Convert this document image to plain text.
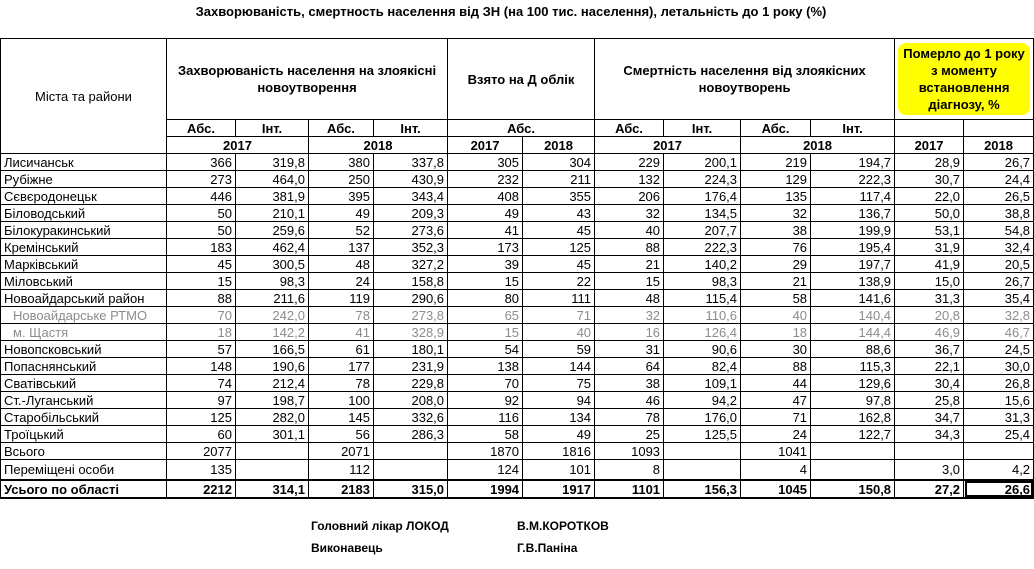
Захворюваність, смертность населення від ЗН (на 100 тис. населення), летальність до 1 року (%)
Міста та райони	Захворюваність населення на злоякісні новоутворення				Взято на Д облік		Смертність населення від злоякісних новоутворень				Померло до 1 року з моменту встановлення діагнозу, %	
	Абс.	Інт.	Абс.	Інт.	Абс.		Абс.	Інт.	Абс.	Інт.		
	2017		2018		2017	2018	2017		2018		2017	2018
Лисичанськ	366	319,8	380	337,8	305	304	229	200,1	219	194,7	28,9	26,7
Рубіжне	273	464,0	250	430,9	232	211	132	224,3	129	222,3	30,7	24,4
Сєвєродонецьк	446	381,9	395	343,4	408	355	206	176,4	135	117,4	22,0	26,5
Біловодський	50	210,1	49	209,3	49	43	32	134,5	32	136,7	50,0	38,8
Білокуракинський	50	259,6	52	273,6	41	45	40	207,7	38	199,9	53,1	54,8
Кремінський	183	462,4	137	352,3	173	125	88	222,3	76	195,4	31,9	32,4
Марківський	45	300,5	48	327,2	39	45	21	140,2	29	197,7	41,9	20,5
Міловський	15	98,3	24	158,8	15	22	15	98,3	21	138,9	15,0	26,7
Новоайдарський район	88	211,6	119	290,6	80	111	48	115,4	58	141,6	31,3	35,4
Новоайдарське РТМО	70	242,0	78	273,8	65	71	32	110,6	40	140,4	20,8	32,8
м. Щастя	18	142,2	41	328,9	15	40	16	126,4	18	144,4	46,9	46,7
Новопсковський	57	166,5	61	180,1	54	59	31	90,6	30	88,6	36,7	24,5
Попаснянський	148	190,6	177	231,9	138	144	64	82,4	88	115,3	22,1	30,0
Сватівський	74	212,4	78	229,8	70	75	38	109,1	44	129,6	30,4	26,8
Ст.-Луганський	97	198,7	100	208,0	92	94	46	94,2	47	97,8	25,8	15,6
Старобільський	125	282,0	145	332,6	116	134	78	176,0	71	162,8	34,7	31,3
Троїцький	60	301,1	56	286,3	58	49	25	125,5	24	122,7	34,3	25,4
Всього	2077		2071		1870	1816	1093		1041			
Переміщені особи	135		112		124	101	8		4		3,0	4,2
Усього по області	2212	314,1	2183	315,0	1994	1917	1101	156,3	1045	150,8	27,2	26,6
Головний лікар ЛОКОД	В.М.КОРОТКОВ
Виконавець	Г.В.Паніна
